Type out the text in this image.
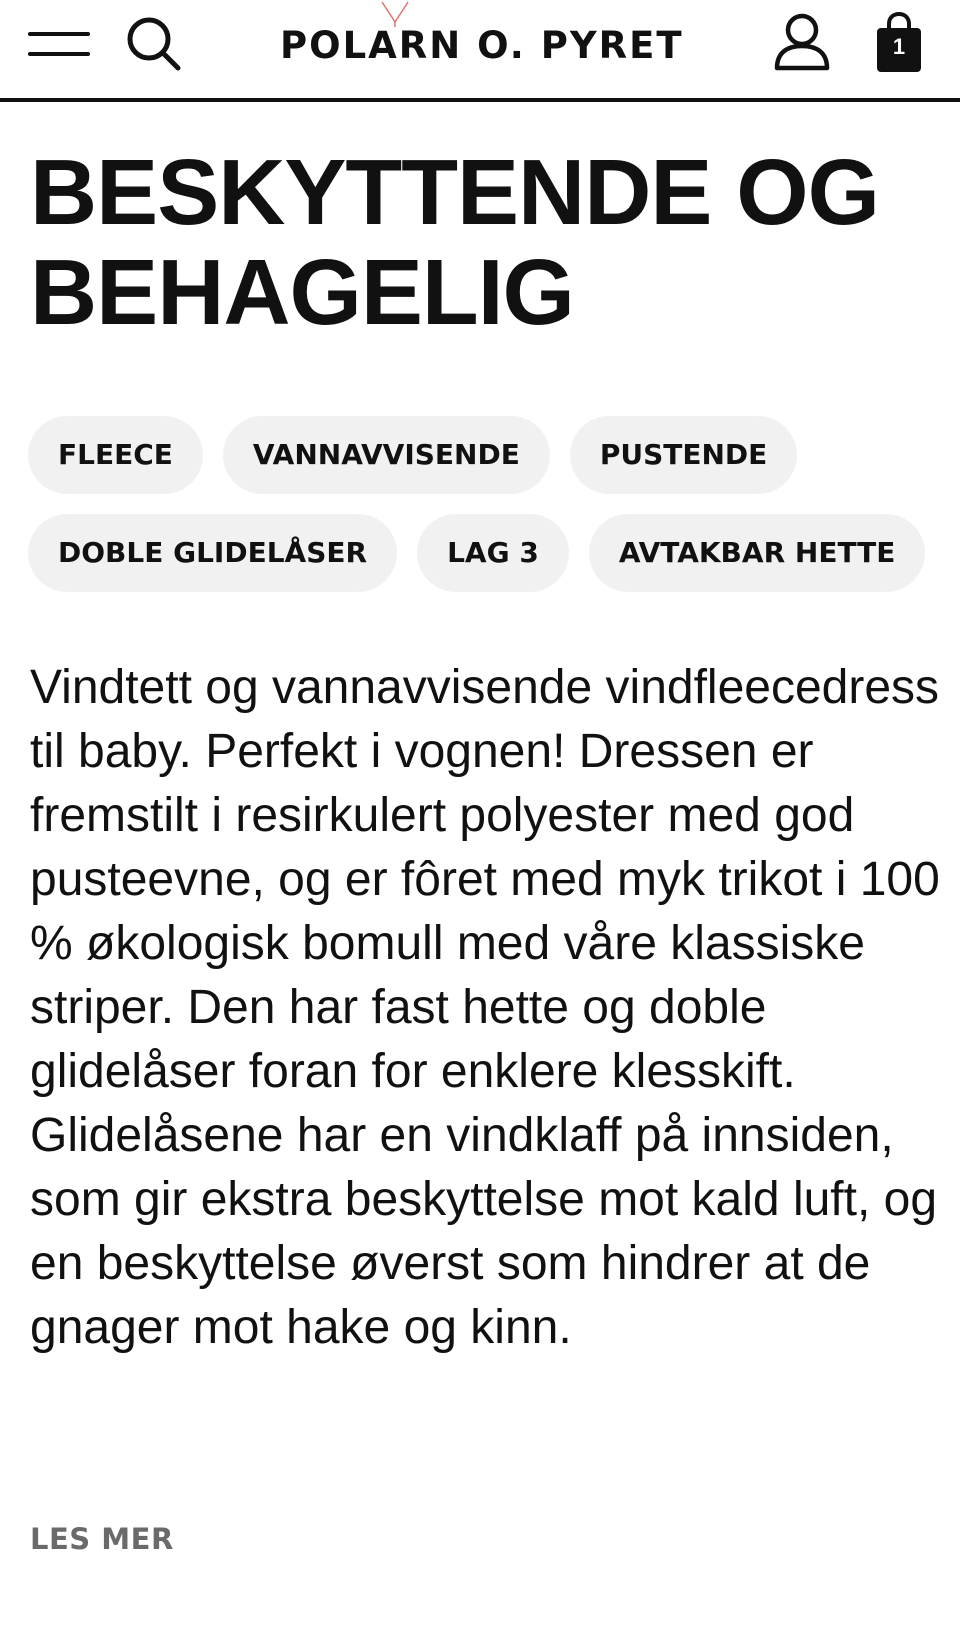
POLARN O. PYRET	1
BESKYTTENDE OG BEHAGELIG
FLEECE	VANNAVVISENDE	PUSTENDE
DOBLE GLIDELÅSER	LAG 3	AVTAKBAR HETTE

Vindtett og vannavvisende vindfleecedress til baby. Perfekt i vognen! Dressen er fremstilt i resirkulert polyester med god pusteevne, og er fôret med myk trikot i 100 % økologisk bomull med våre klassiske striper. Den har fast hette og doble glidelåser foran for enklere klesskift. Glidelåsene har en vindklaff på innsiden, som gir ekstra beskyttelse mot kald luft, og en beskyttelse øverst som hindrer at de gnager mot hake og kinn.

LES MER
